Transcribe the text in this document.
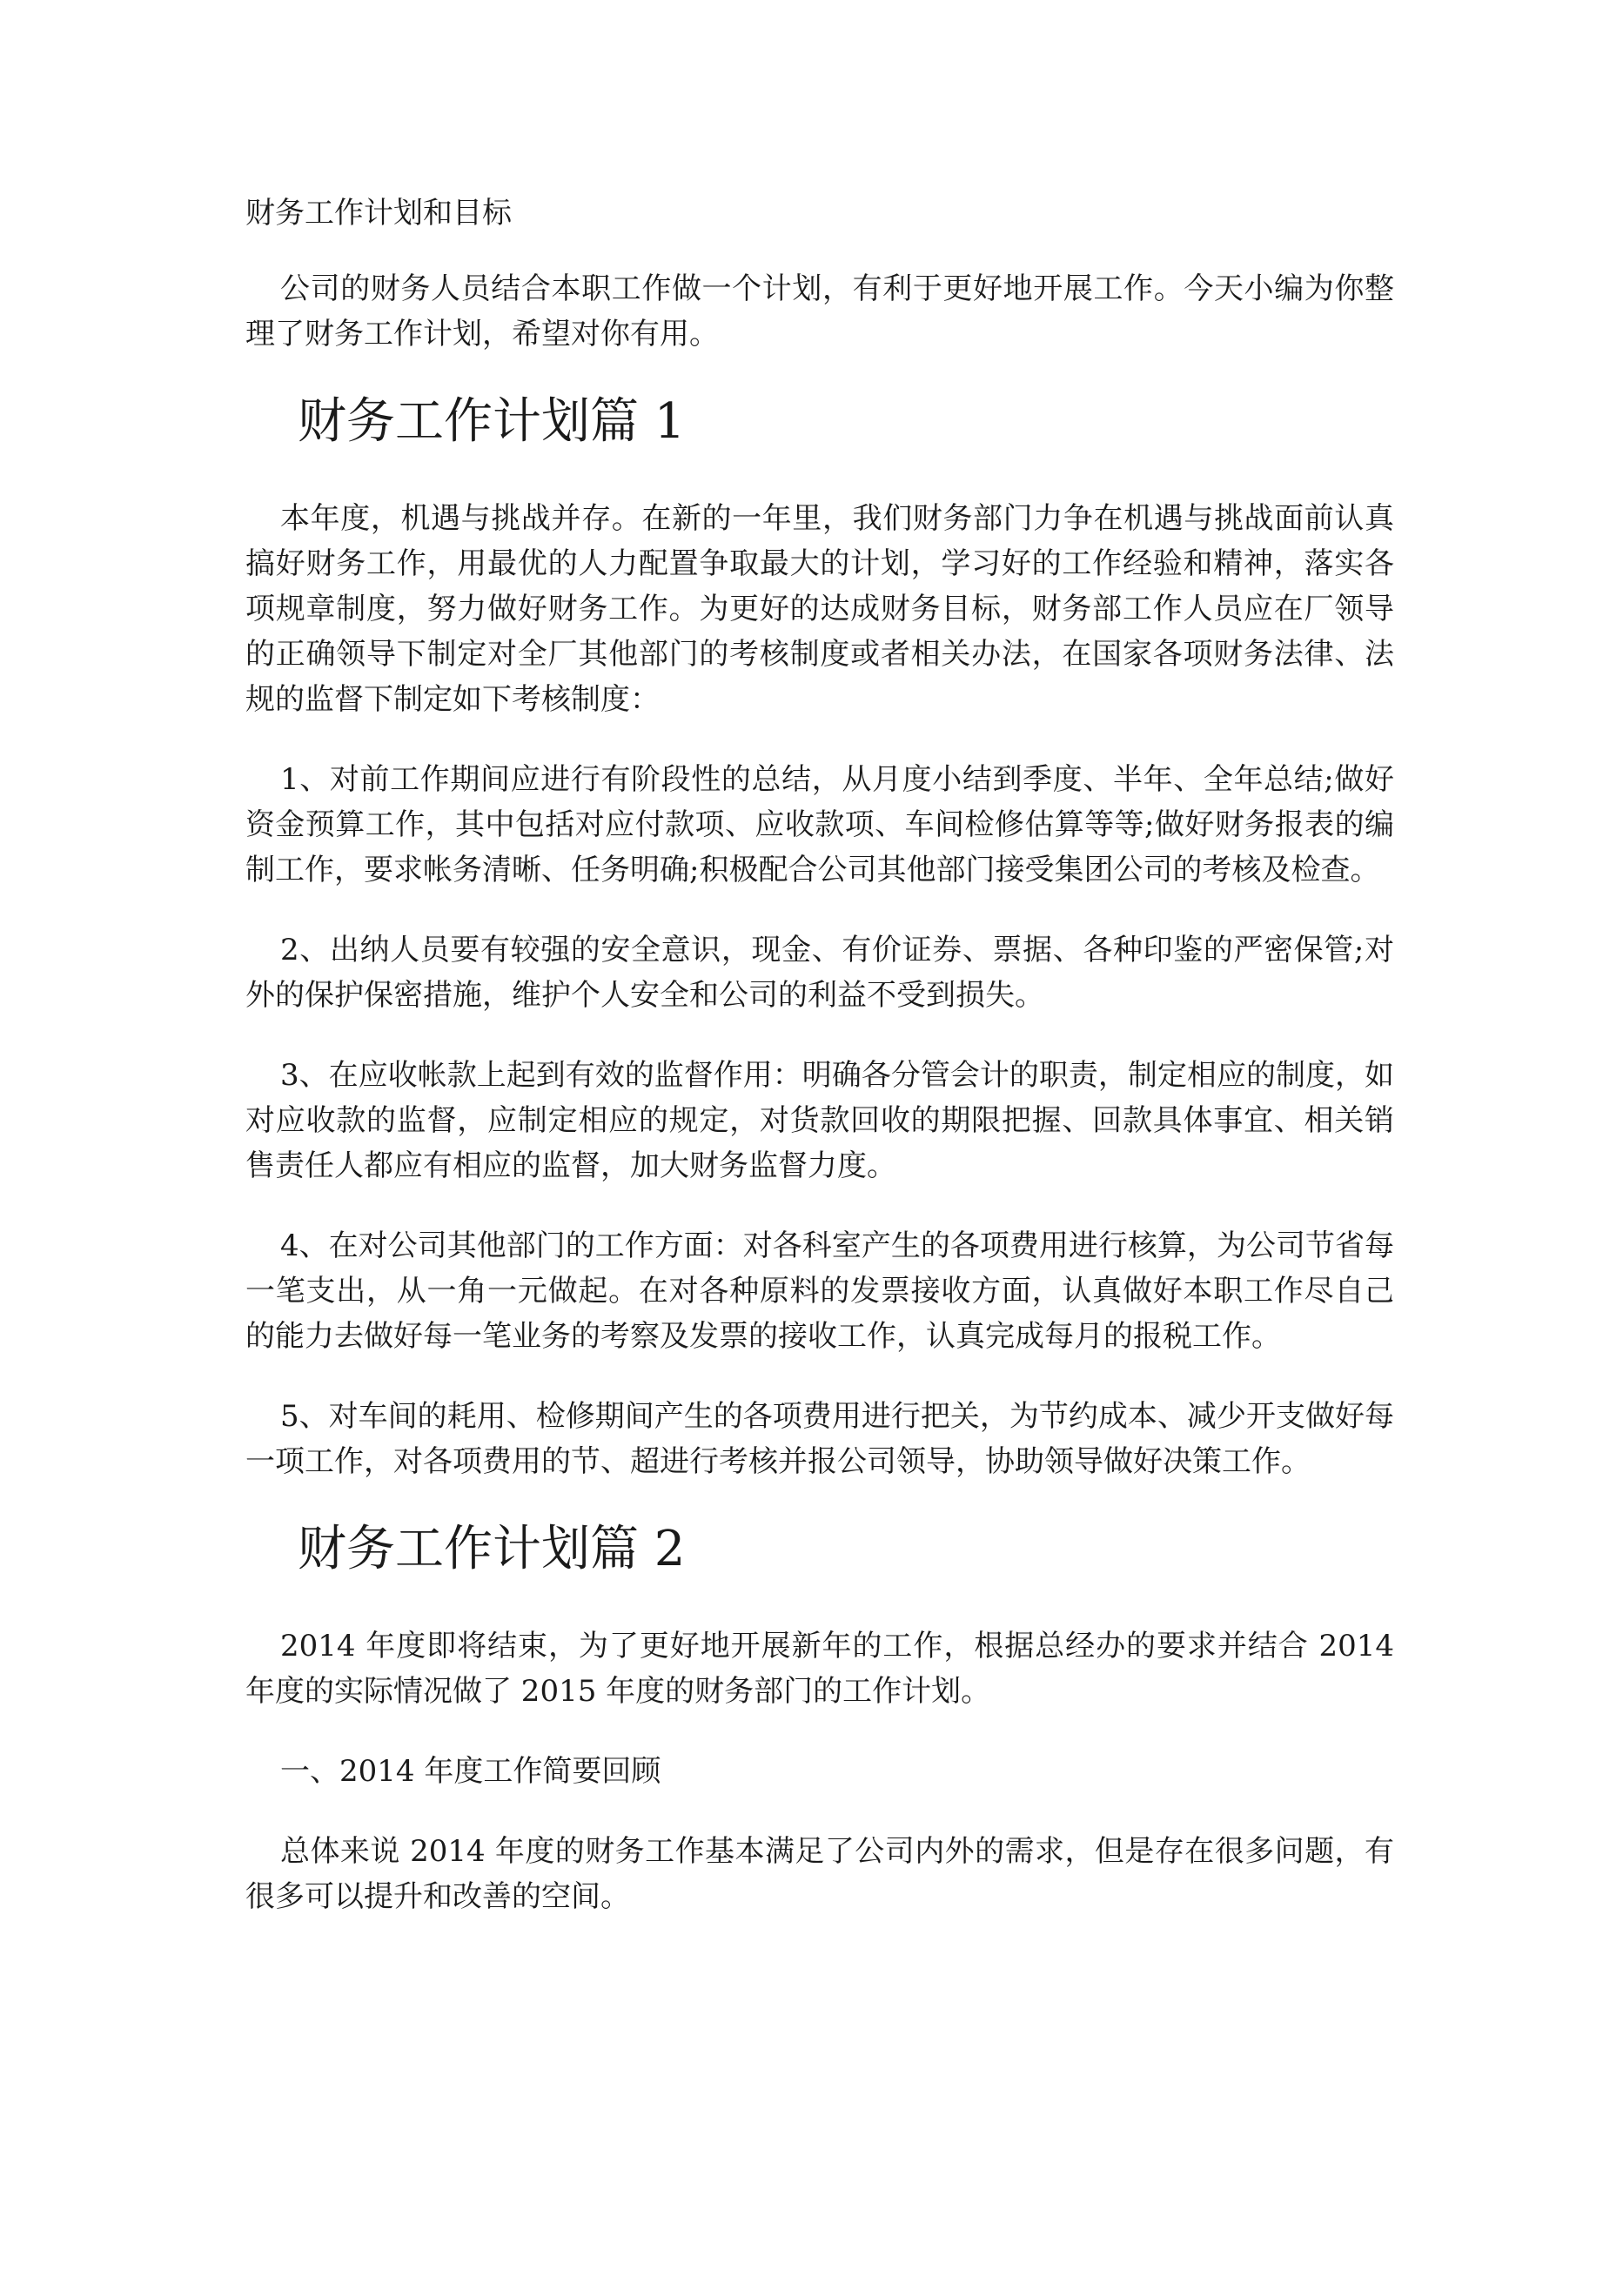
财务工作计划和目标

公司的财务人员结合本职工作做一个计划，有利于更好地开展工作。今天小编为你整理了财务工作计划，希望对你有用。

财务工作计划篇 1

本年度，机遇与挑战并存。在新的一年里，我们财务部门力争在机遇与挑战面前认真搞好财务工作，用最优的人力配置争取最大的计划，学习好的工作经验和精神，落实各项规章制度，努力做好财务工作。为更好的达成财务目标，财务部工作人员应在厂领导的正确领导下制定对全厂其他部门的考核制度或者相关办法，在国家各项财务法律、法规的监督下制定如下考核制度：

1、对前工作期间应进行有阶段性的总结，从月度小结到季度、半年、全年总结;做好资金预算工作，其中包括对应付款项、应收款项、车间检修估算等等;做好财务报表的编制工作，要求帐务清晰、任务明确;积极配合公司其他部门接受集团公司的考核及检查。

2、出纳人员要有较强的安全意识，现金、有价证券、票据、各种印鉴的严密保管;对外的保护保密措施，维护个人安全和公司的利益不受到损失。

3、在应收帐款上起到有效的监督作用：明确各分管会计的职责，制定相应的制度，如对应收款的监督，应制定相应的规定，对货款回收的期限把握、回款具体事宜、相关销售责任人都应有相应的监督，加大财务监督力度。

4、在对公司其他部门的工作方面：对各科室产生的各项费用进行核算，为公司节省每一笔支出，从一角一元做起。在对各种原料的发票接收方面，认真做好本职工作尽自己的能力去做好每一笔业务的考察及发票的接收工作，认真完成每月的报税工作。

5、对车间的耗用、检修期间产生的各项费用进行把关，为节约成本、减少开支做好每一项工作，对各项费用的节、超进行考核并报公司领导，协助领导做好决策工作。

财务工作计划篇 2

2014 年度即将结束，为了更好地开展新年的工作，根据总经办的要求并结合 2014 年度的实际情况做了 2015 年度的财务部门的工作计划。

一、2014 年度工作简要回顾

总体来说 2014 年度的财务工作基本满足了公司内外的需求，但是存在很多问题，有很多可以提升和改善的空间。
